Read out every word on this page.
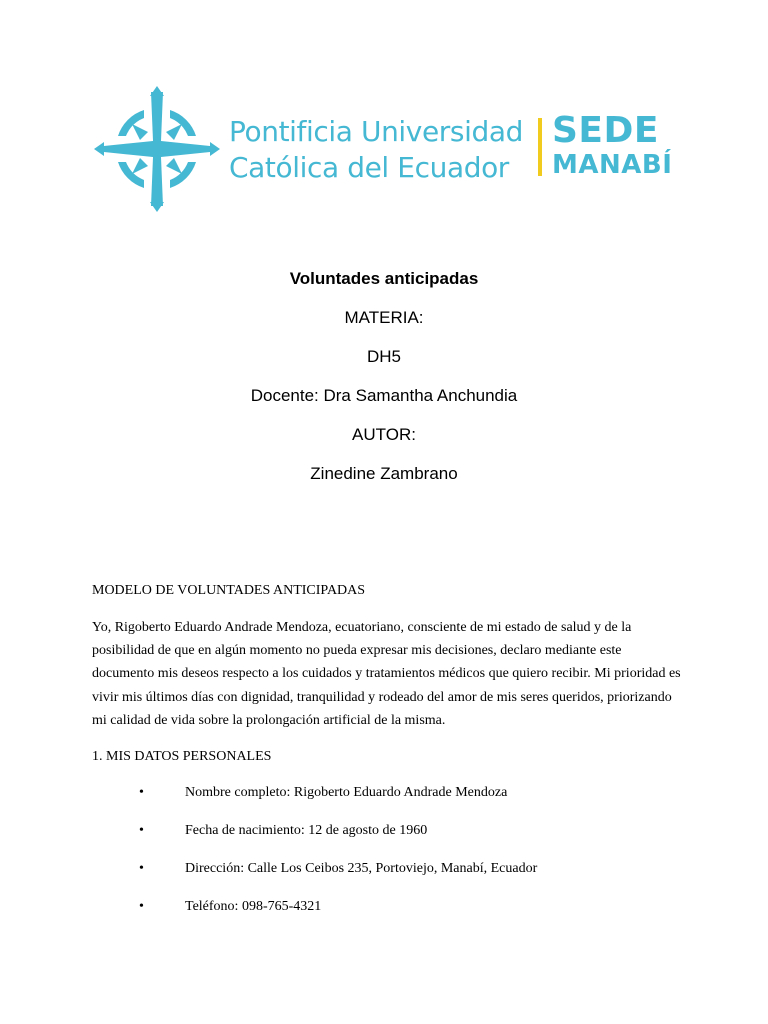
Pontificia Universidad
Católica del Ecuador
SEDE
MANABÍ
Voluntades anticipadas
MATERIA:
DH5
Docente: Dra Samantha Anchundia
AUTOR:
Zinedine Zambrano

MODELO DE VOLUNTADES ANTICIPADAS

Yo, Rigoberto Eduardo Andrade Mendoza, ecuatoriano, consciente de mi estado de salud y de la posibilidad de que en algún momento no pueda expresar mis decisiones, declaro mediante este documento mis deseos respecto a los cuidados y tratamientos médicos que quiero recibir. Mi prioridad es vivir mis últimos días con dignidad, tranquilidad y rodeado del amor de mis seres queridos, priorizando mi calidad de vida sobre la prolongación artificial de la misma.

1. MIS DATOS PERSONALES

•	Nombre completo: Rigoberto Eduardo Andrade Mendoza
•	Fecha de nacimiento: 12 de agosto de 1960
•	Dirección: Calle Los Ceibos 235, Portoviejo, Manabí, Ecuador
•	Teléfono: 098-765-4321
